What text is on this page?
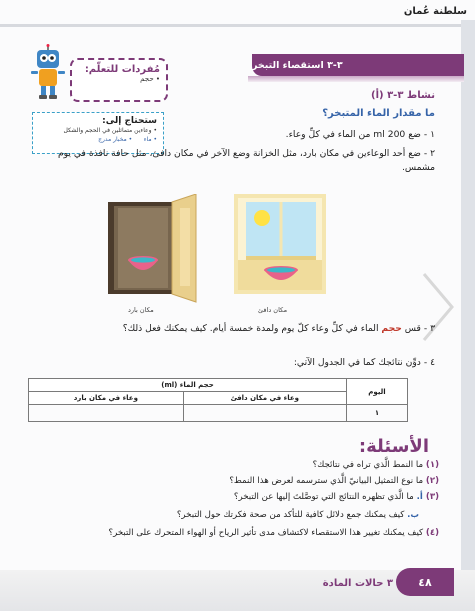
سلطنة عُمان
٣-٣ استقصاء التبخر
نشاط ٣-٣ (أ)
ما مقدار الماء المتبخر؟
مُفردات للتعلّم:
• حجم
ستحتاج إلى:
• وعاءين متماثلين في الحجم والشكل
• ماء      • مخبار مدرج	١ - ضع 200 ml من الماء في كلِّ وعاء.
٢ - ضع أحد الوعاءين في مكان بارد، مثل الخزانة وضع الآخر في مكان دافئ، مثل حافة نافذة في يوم مشمس.
مكان بارد	مكان دافئ
٣ - قس حجم الماء في كلِّ وعاء كلّ يوم ولمدة خمسة أيام. كيف يمكنك فعل ذلك؟
٤ - دوِّن نتائجك كما في الجدول الآتي:
اليوم	حجم الماء (ml)	
	وعاء في مكان دافئ	وعاء في مكان بارد
١		
الأسئلة:
(١) ما النمط الَّذي تراه في نتائجك؟
(٢) ما نوع التمثيل البيانيّ الَّذي سترسمه لعرض هذا النمط؟
(٣) أ. ما الَّذي تظهره النتائج التي توصَّلتَ إليها عن التبخر؟
ب. كيف يمكنك جمع دلائل كافية للتأكد من صحة فكرتك حول التبخر؟
(٤) كيف يمكنك تغيير هذا الاستقصاء لاكتشاف مدى تأثير الرياح أو الهواء المتحرك على التبخر؟
٣ حالات المادة	٤٨
